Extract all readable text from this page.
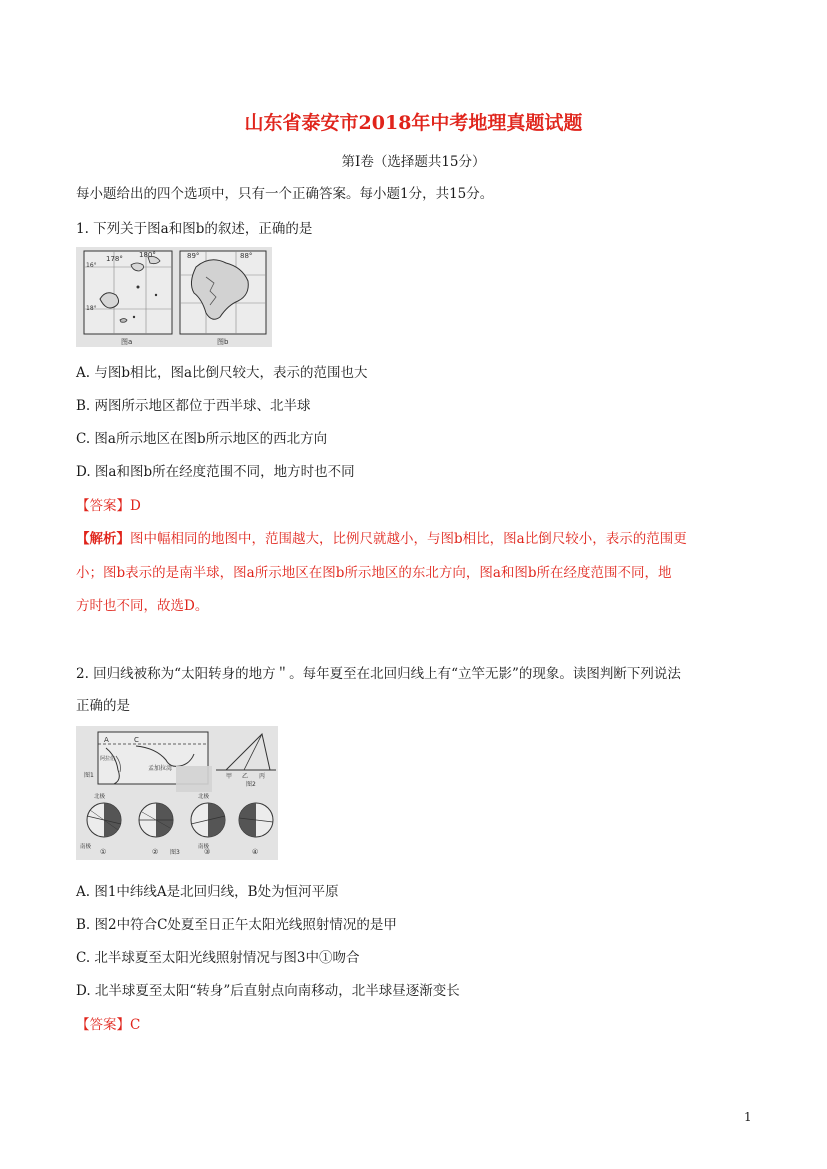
山东省泰安市2018年中考地理真题试题
第Ⅰ卷（选择题共15分）
每小题给出的四个选项中，只有一个正确答案。每小题1分，共15分。
1. 下列关于图a和图b的叙述，正确的是
178° 180°
16°
18°
图a
89°	88°
图b
A. 与图b相比，图a比倒尺较大，表示的范围也大
B. 两图所示地区都位于西半球、北半球
C. 图a所示地区在图b所示地区的西北方向
D. 图a和图b所在经度范围不同，地方时也不同
【答案】D
【解析】图中幅相同的地图中，范围越大，比例尺就越小，与图b相比，图a比倒尺较小，表示的范围更
小；图b表示的是南半球，图a所示地区在图b所示地区的东北方向，图a和图b所在经度范围不同，地
方时也不同，故选D。
2. 回归线被称为“太阳转身的地方＂。每年夏至在北回归线上有“立竿无影”的现象。读图判断下列说法
正确的是
A	C
孟加拉湾
阿拉伯
图1	甲 乙 丙
图2
北极	北极
南极	南极
①	② 图3	③	④
A. 图1中纬线A是北回归线，B处为恒河平原
B. 图2中符合C处夏至日正午太阳光线照射情况的是甲
C. 北半球夏至太阳光线照射情况与图3中①吻合
D. 北半球夏至太阳“转身”后直射点向南移动，北半球昼逐渐变长
【答案】C
1
